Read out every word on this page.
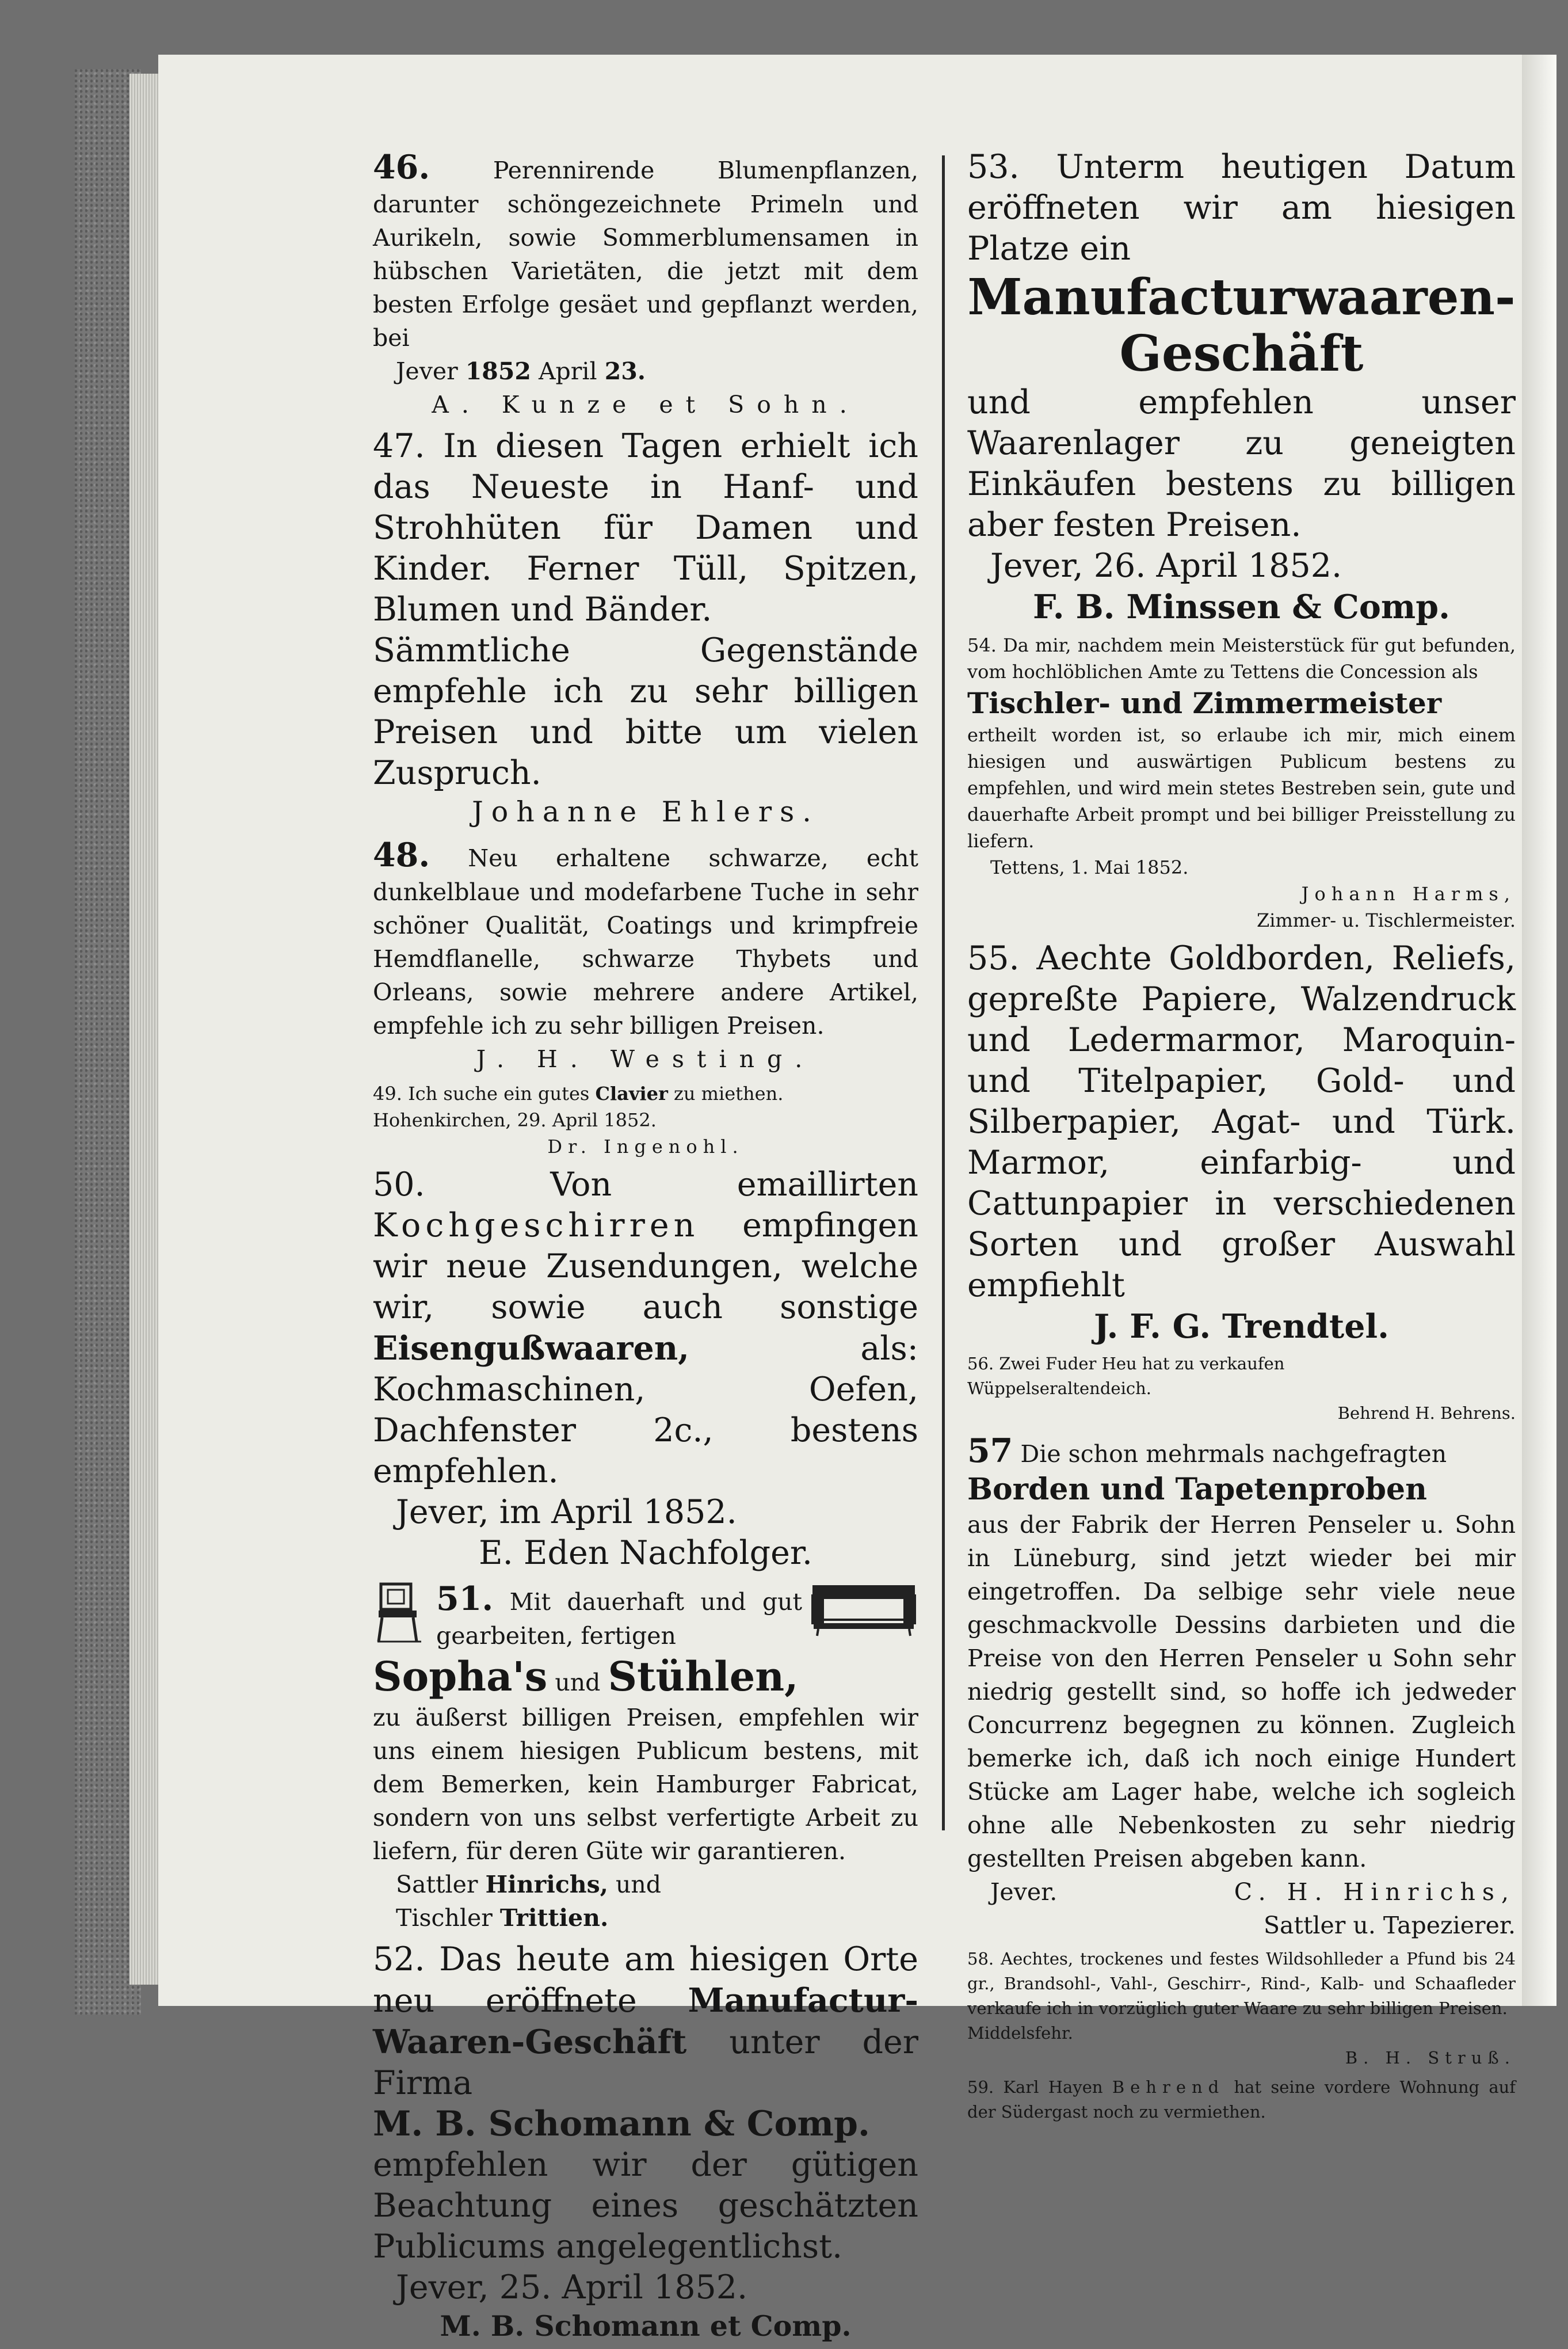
46.	Perennirende Blumenpflanzen, darunter schöngezeichnete Primeln und Aurikeln, sowie Sommerblumensamen in hübschen Varietäten, die jetzt mit dem besten Erfolge gesäet und gepflanzt werden, bei

Jever 1852 April 23.

A. Kunze et Sohn.

47. In diesen Tagen erhielt ich das Neueste in Hanf- und Strohhüten für Damen und Kinder. Ferner Tüll, Spitzen, Blumen und Bänder.

Sämmtliche Gegenstände empfehle ich zu sehr billigen Preisen und bitte um vielen Zuspruch.

Johanne Ehlers.

48. Neu erhaltene schwarze, echt dunkelblaue und modefarbene Tuche in sehr schöner Qualität, Coatings und krimpfreie Hemdflanelle, schwarze Thybets und Orleans, sowie mehrere andere Artikel, empfehle ich zu sehr billigen Preisen.

J. H. Westing.

49. Ich suche ein gutes Clavier zu miethen.

Hohenkirchen, 29. April 1852.

Dr. Ingenohl.

50.	Von emaillirten Kochgeschirren empfingen wir neue Zusendungen, welche wir, sowie auch sonstige Eisengußwaaren,	als: Kochmaschinen, Oefen, Dachfenster 2c., bestens empfehlen.

Jever, im April 1852.

E. Eden Nachfolger.

51. Mit dauerhaft und gut gearbeiten, fertigen

Sopha's und Stühlen,

zu äußerst billigen Preisen, empfehlen wir uns einem hiesigen Publicum bestens, mit dem Bemerken, kein Hamburger Fabricat, sondern von uns selbst verfertigte Arbeit zu liefern, für deren Güte wir garantieren.

Sattler Hinrichs, und

Tischler Trittien.

52. Das heute am hiesigen Orte neu eröffnete Manufactur-Waaren-Geschäft unter der Firma

M. B. Schomann & Comp.

empfehlen wir der gütigen Beachtung eines geschätzten Publicums angelegentlichst.

Jever, 25. April 1852.

M. B. Schomann et Comp.

53. Unterm heutigen Datum eröffneten wir am hiesigen Platze ein

Manufacturwaaren-

Geschäft

und empfehlen unser Waarenlager zu geneigten Einkäufen bestens zu billigen aber festen Preisen.

Jever, 26. April 1852.

F. B. Minssen & Comp.

54. Da mir, nachdem mein Meisterstück für gut befunden, vom hochlöblichen Amte zu Tettens die Concession als

Tischler- und Zimmermeister

ertheilt worden ist, so erlaube ich mir, mich einem hiesigen und auswärtigen Publicum bestens zu empfehlen, und wird mein stetes Bestreben sein, gute und dauerhafte Arbeit prompt und bei billiger Preisstellung zu liefern.

Tettens, 1. Mai 1852.

Johann Harms,

Zimmer- u. Tischlermeister.

55. Aechte Goldborden, Reliefs, gepreßte Papiere, Walzendruck und Ledermarmor, Maroquin- und Titelpapier, Gold- und Silberpapier, Agat- und Türk. Marmor, einfarbig- und Cattunpapier in verschiedenen Sorten und großer Auswahl empfiehlt

J. F. G. Trendtel.

56. Zwei Fuder Heu hat zu verkaufen

Wüppelseraltendeich.

Behrend H. Behrens.

57 Die schon mehrmals nachgefragten

Borden und Tapetenproben

aus der Fabrik der Herren Penseler u. Sohn in Lüneburg, sind jetzt wieder bei mir eingetroffen. Da selbige sehr viele neue geschmackvolle Dessins darbieten und die Preise von den Herren Penseler u Sohn sehr niedrig gestellt sind, so hoffe ich jedweder Concurrenz begegnen zu können. Zugleich bemerke ich, daß ich noch einige Hundert Stücke am Lager habe, welche ich sogleich ohne alle Nebenkosten zu sehr niedrig gestellten Preisen abgeben kann.

Jever.	C. H. Hinrichs,

Sattler u. Tapezierer.

58. Aechtes, trockenes und festes Wildsohlleder a Pfund bis 24 gr., Brandsohl-, Vahl-, Geschirr-, Rind-, Kalb- und Schaafleder verkaufe ich in vorzüglich guter Waare zu sehr billigen Preisen.

Middelsfehr.

B. H. Struß.

59. Karl Hayen Behrend hat seine vordere Wohnung auf der Südergast noch zu vermiethen.
